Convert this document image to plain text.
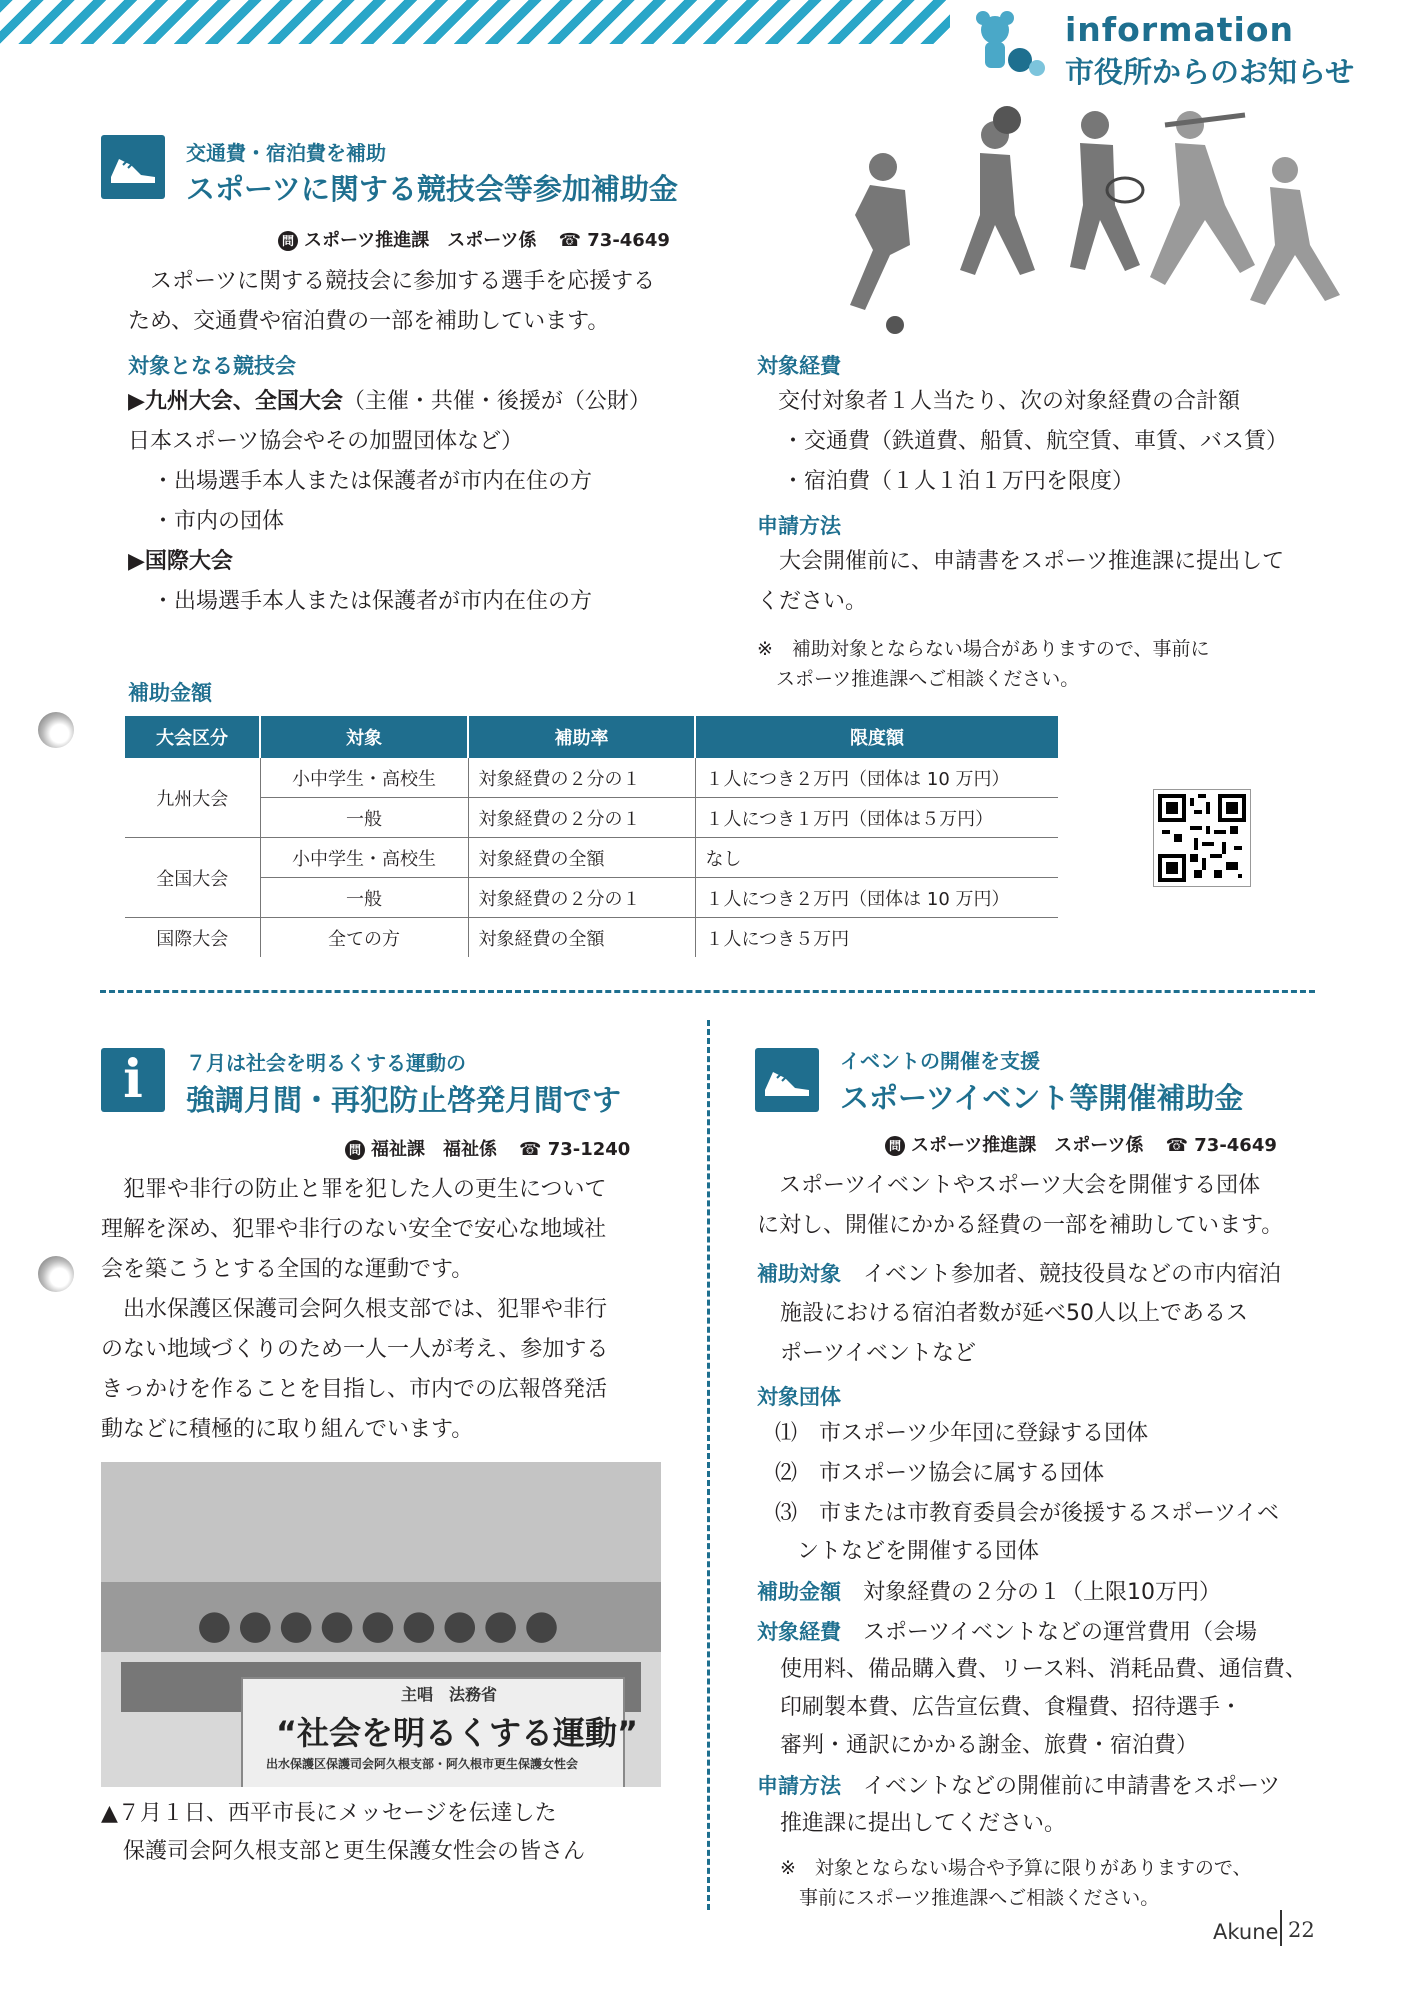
information
市役所からのお知らせ
交通費・宿泊費を補助
スポーツに関する競技会等参加補助金
問 スポーツ推進課　スポーツ係 ☎ 73-4649
　スポーツに関する競技会に参加する選手を応援する
ため、交通費や宿泊費の一部を補助しています。
対象となる競技会
▶九州大会、全国大会（主催・共催・後援が（公財）
日本スポーツ協会やその加盟団体など）
・出場選手本人または保護者が市内在住の方
・市内の団体
▶国際大会
・出場選手本人または保護者が市内在住の方
対象経費
交付対象者１人当たり、次の対象経費の合計額
・交通費（鉄道費、船賃、航空賃、車賃、バス賃）
・宿泊費（１人１泊１万円を限度）
申請方法
　大会開催前に、申請書をスポーツ推進課に提出して
ください。
※　補助対象とならない場合がありますので、事前に
　スポーツ推進課へご相談ください。
補助金額
大会区分	対象	補助率	限度額
九州大会	小中学生・高校生	対象経費の２分の１	１人につき２万円（団体は 10 万円）
	一般	対象経費の２分の１	１人につき１万円（団体は５万円）
全国大会	小中学生・高校生	対象経費の全額	なし
	一般	対象経費の２分の１	１人につき２万円（団体は 10 万円）
国際大会	全ての方	対象経費の全額	１人につき５万円
i	７月は社会を明るくする運動の
強調月間・再犯防止啓発月間です
問 福祉課　福祉係 ☎ 73-1240
　犯罪や非行の防止と罪を犯した人の更生について
理解を深め、犯罪や非行のない安全で安心な地域社
会を築こうとする全国的な運動です。
　出水保護区保護司会阿久根支部では、犯罪や非行
のない地域づくりのため一人一人が考え、参加する
きっかけを作ることを目指し、市内での広報啓発活
動などに積極的に取り組んでいます。
●●●●●●●●●
主唱　法務省
“社会を明るくする運動”
出水保護区保護司会阿久根支部・阿久根市更生保護女性会
▲７月１日、西平市長にメッセージを伝達した
　保護司会阿久根支部と更生保護女性会の皆さん
イベントの開催を支援
スポーツイベント等開催補助金
問 スポーツ推進課　スポーツ係 ☎ 73-4649
　スポーツイベントやスポーツ大会を開催する団体
に対し、開催にかかる経費の一部を補助しています。
補助対象　 イベント参加者、競技役員などの市内宿泊
施設における宿泊者数が延べ50人以上であるス
ポーツイベントなど
対象団体
⑴　市スポーツ少年団に登録する団体
⑵　市スポーツ協会に属する団体
⑶　市または市教育委員会が後援するスポーツイベ
　ントなどを開催する団体
補助金額　 対象経費の２分の１（上限10万円）
対象経費　 スポーツイベントなどの運営費用（会場
使用料、備品購入費、リース料、消耗品費、通信費、
印刷製本費、広告宣伝費、食糧費、招待選手・
審判・通訳にかかる謝金、旅費・宿泊費）
申請方法　 イベントなどの開催前に申請書をスポーツ
推進課に提出してください。
※　対象とならない場合や予算に限りがありますので、
　事前にスポーツ推進課へご相談ください。
Akune 22
